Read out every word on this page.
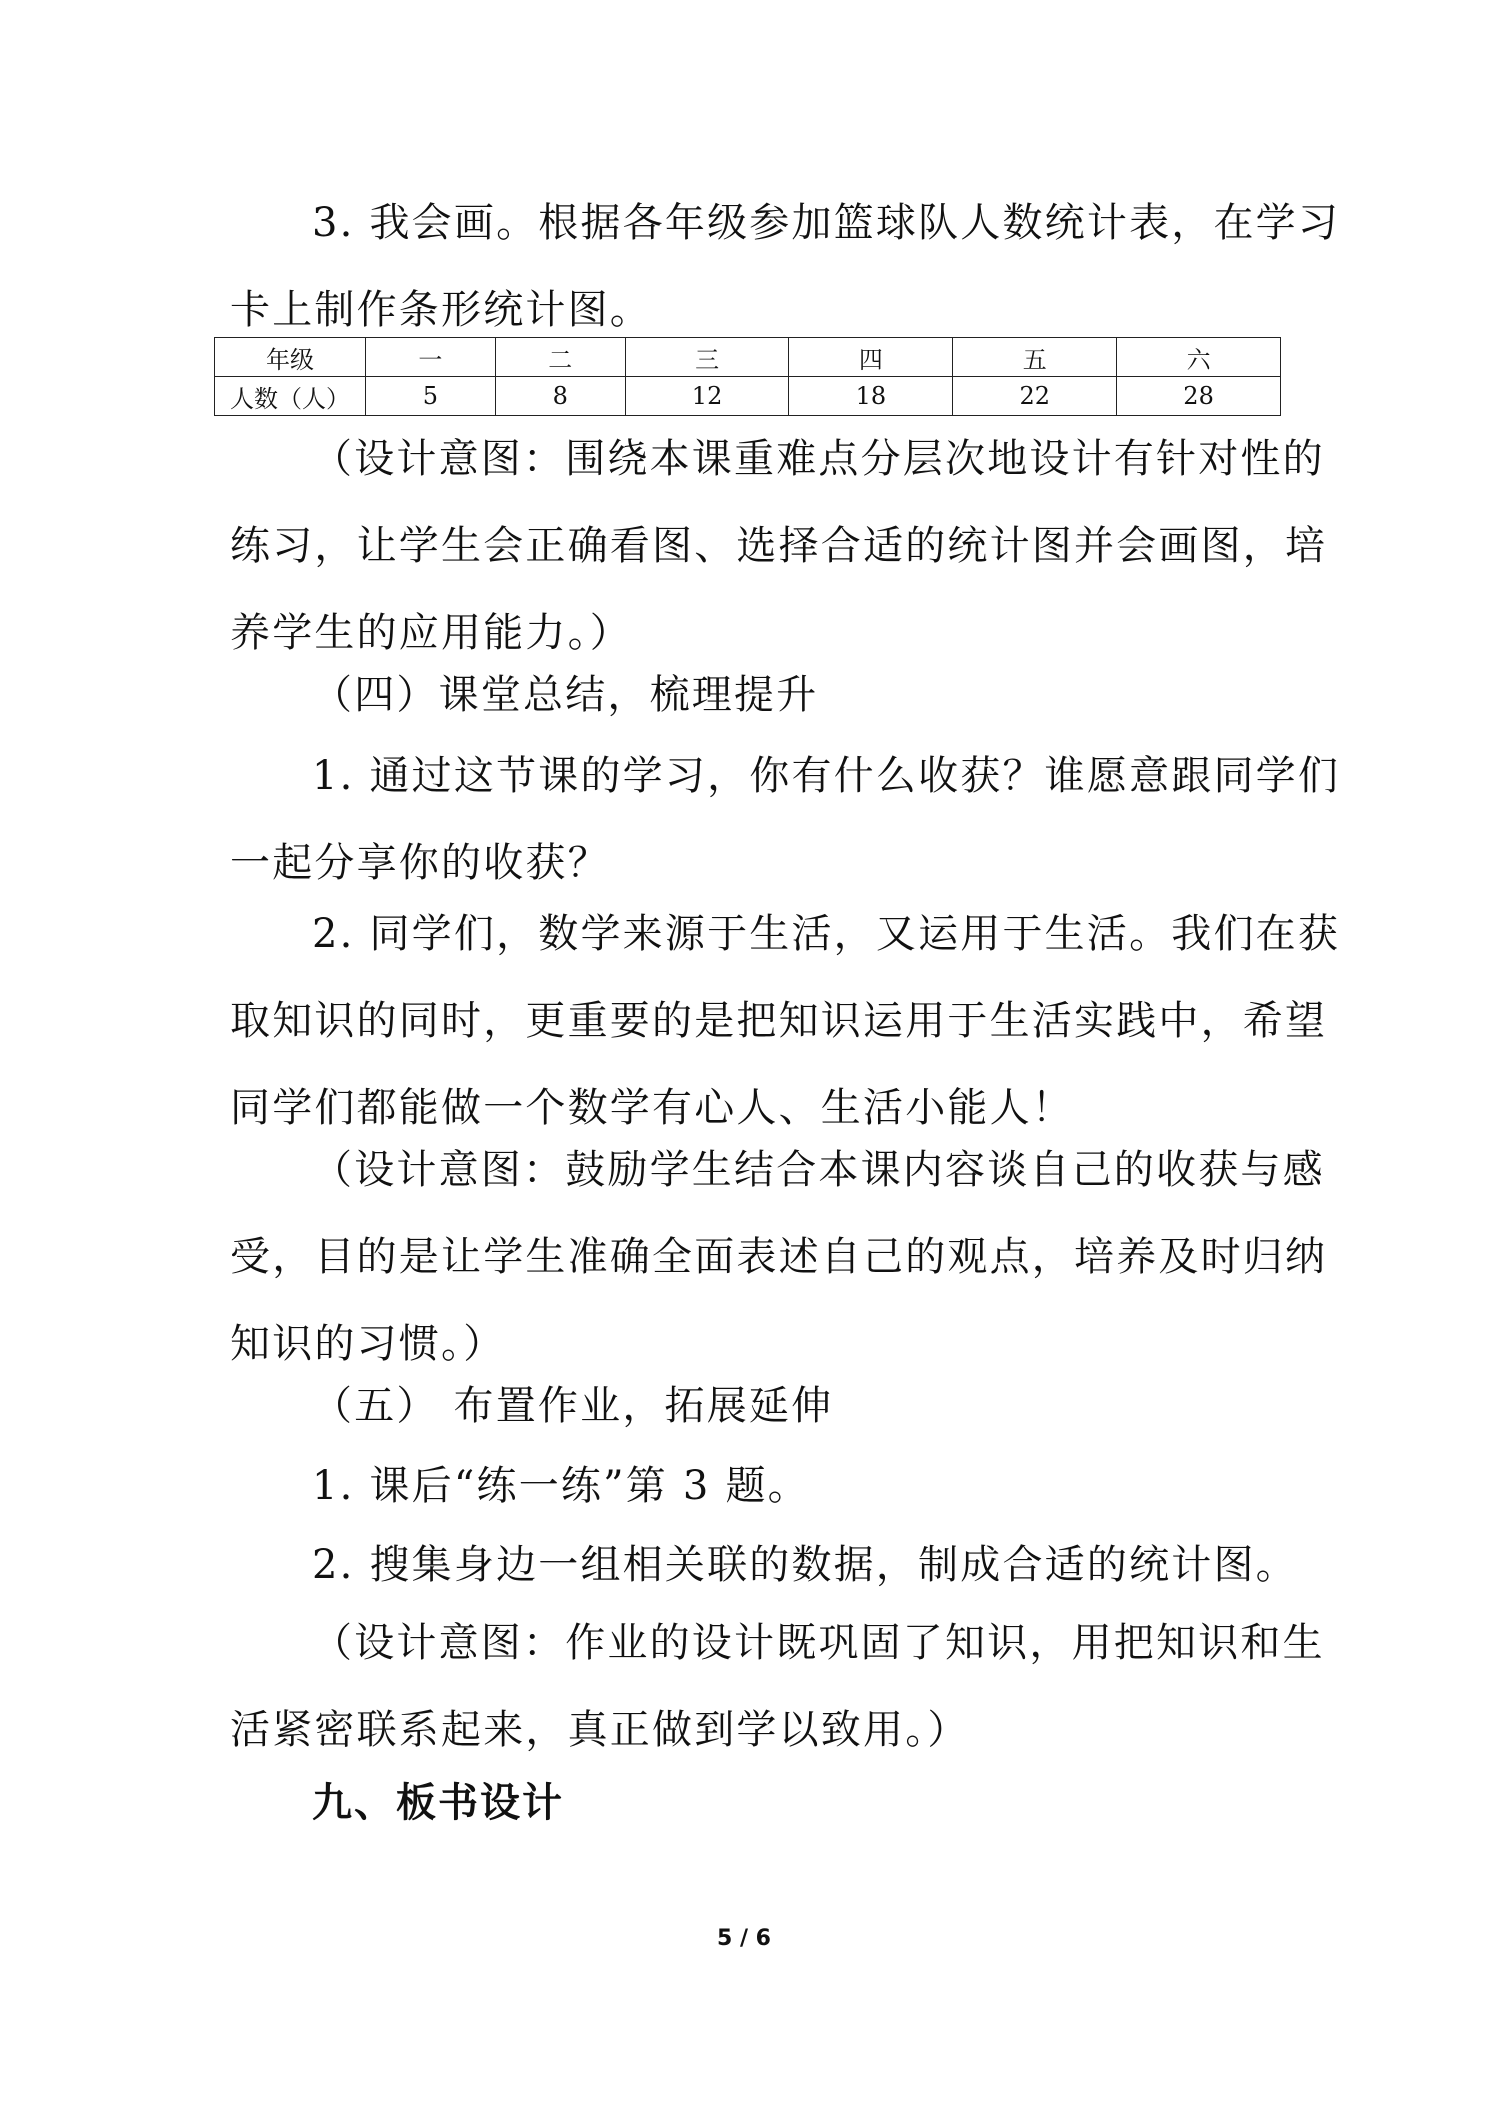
3. 我会画。根据各年级参加篮球队人数统计表，在学习
卡上制作条形统计图。
年级	一	二	三	四	五	六
人数（人）	5	8	12	18	22	28
（设计意图：围绕本课重难点分层次地设计有针对性的
练习，让学生会正确看图、选择合适的统计图并会画图，培
养学生的应用能力。）
（四）课堂总结，梳理提升
1. 通过这节课的学习，你有什么收获？谁愿意跟同学们
一起分享你的收获？
2. 同学们，数学来源于生活，又运用于生活。我们在获
取知识的同时，更重要的是把知识运用于生活实践中，希望
同学们都能做一个数学有心人、生活小能人！
（设计意图：鼓励学生结合本课内容谈自己的收获与感
受，目的是让学生准确全面表述自己的观点，培养及时归纳
知识的习惯。）
（五） 布置作业，拓展延伸
1. 课后“练一练”第 3 题。
2. 搜集身边一组相关联的数据，制成合适的统计图。
（设计意图：作业的设计既巩固了知识，用把知识和生
活紧密联系起来，真正做到学以致用。）
九、板书设计
5 / 6
